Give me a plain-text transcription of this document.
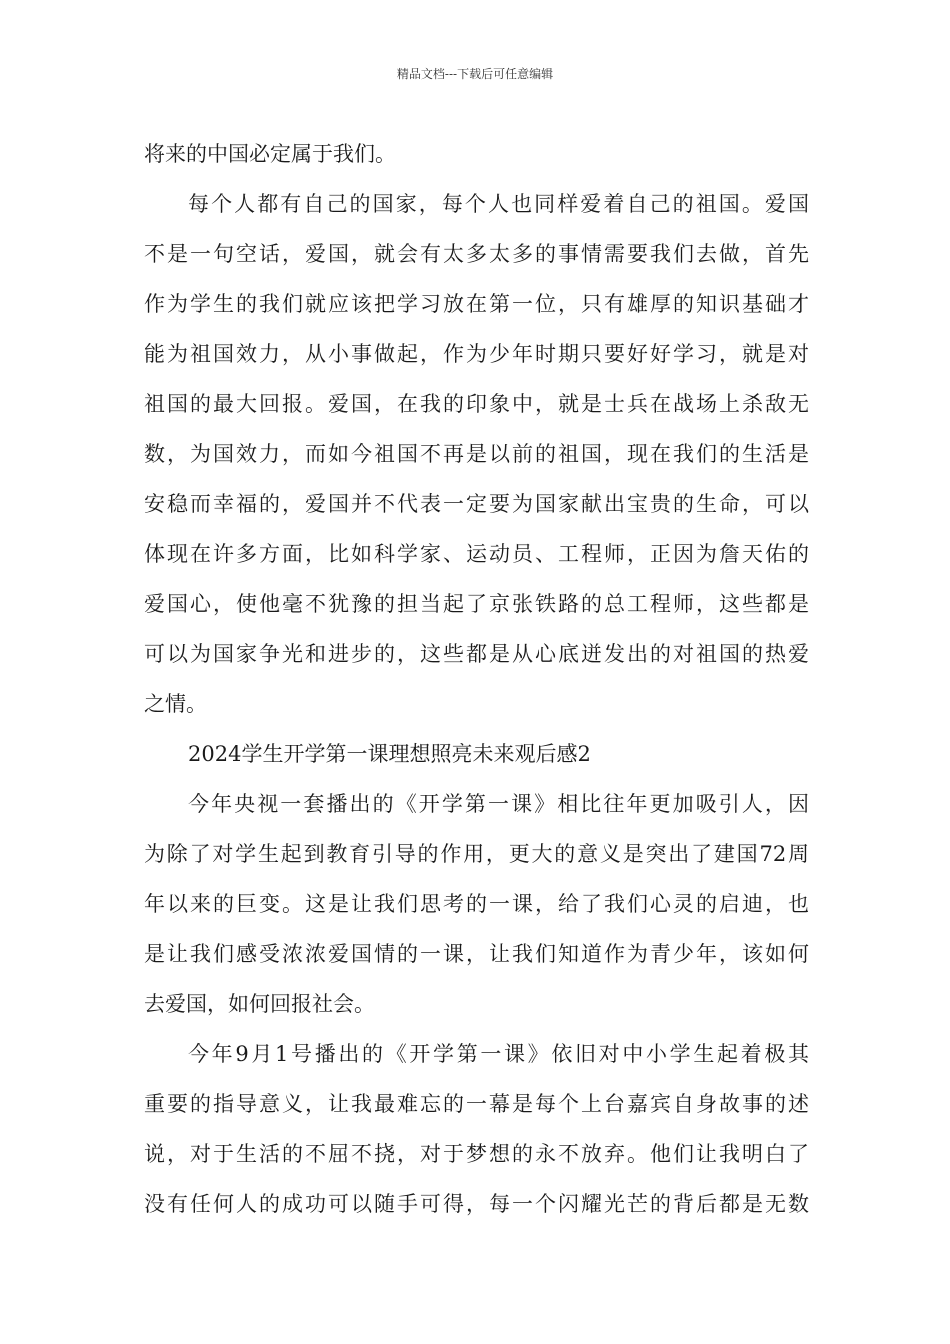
精品文档---下载后可任意编辑
将来的中国必定属于我们。
每个人都有自己的国家，每个人也同样爱着自己的祖国。爱国
不是一句空话，爱国，就会有太多太多的事情需要我们去做，首先
作为学生的我们就应该把学习放在第一位，只有雄厚的知识基础才
能为祖国效力，从小事做起，作为少年时期只要好好学习，就是对
祖国的最大回报。爱国，在我的印象中，就是士兵在战场上杀敌无
数，为国效力，而如今祖国不再是以前的祖国，现在我们的生活是
安稳而幸福的，爱国并不代表一定要为国家献出宝贵的生命，可以
体现在许多方面，比如科学家、运动员、工程师，正因为詹天佑的
爱国心，使他毫不犹豫的担当起了京张铁路的总工程师，这些都是
可以为国家争光和进步的，这些都是从心底迸发出的对祖国的热爱
之情。
2024学生开学第一课理想照亮未来观后感2
今年央视一套播出的《开学第一课》相比往年更加吸引人，因
为除了对学生起到教育引导的作用，更大的意义是突出了建国72周
年以来的巨变。这是让我们思考的一课，给了我们心灵的启迪，也
是让我们感受浓浓爱国情的一课，让我们知道作为青少年，该如何
去爱国，如何回报社会。
今年9月1号播出的《开学第一课》依旧对中小学生起着极其
重要的指导意义，让我最难忘的一幕是每个上台嘉宾自身故事的述
说，对于生活的不屈不挠，对于梦想的永不放弃。他们让我明白了
没有任何人的成功可以随手可得，每一个闪耀光芒的背后都是无数
